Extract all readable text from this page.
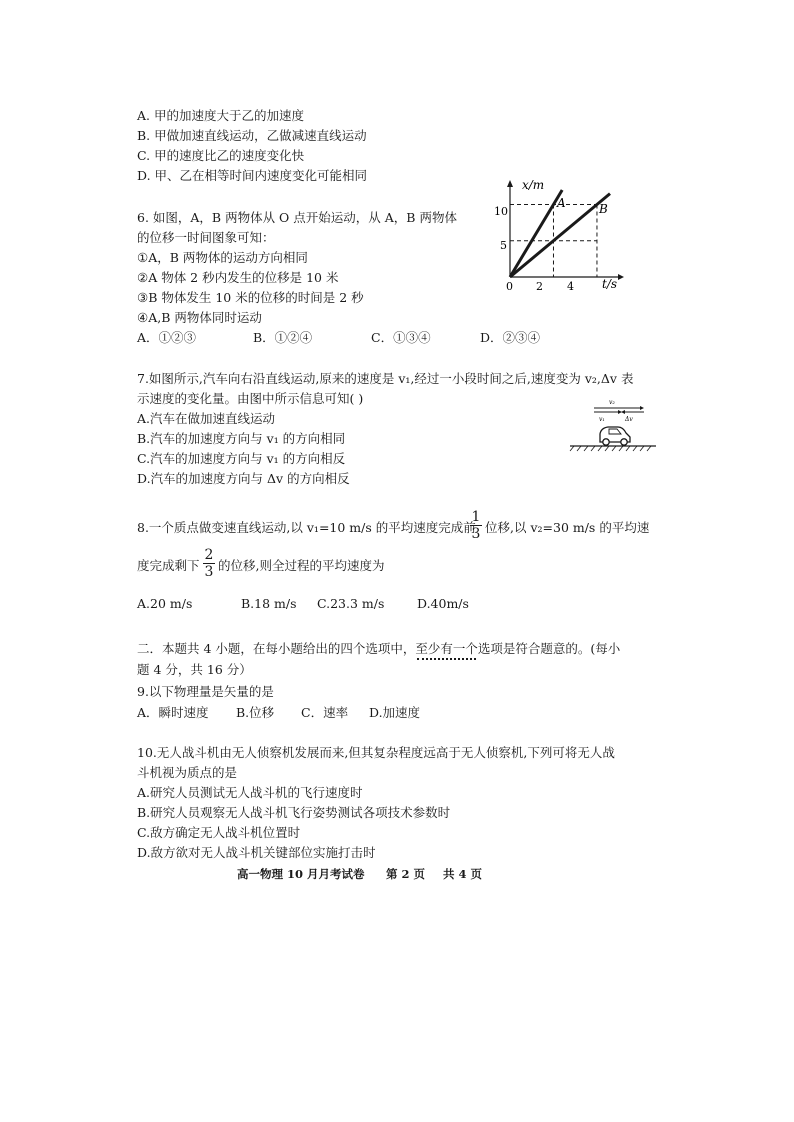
A. 甲的加速度大于乙的加速度
B. 甲做加速直线运动，乙做减速直线运动
C. 甲的速度比乙的速度变化快
D. 甲、乙在相等时间内速度变化可能相同
6. 如图，A，B 两物体从 O 点开始运动，从 A，B 两物体
的位移一时间图象可知：
①A，B 两物体的运动方向相同
②A 物体 2 秒内发生的位移是 10 米
③B 物体发生 10 米的位移的时间是 2 秒
④A,B 两物体同时运动
A．①②③	B．①②④	C．①③④	D．②③④
x/m
t/s
0 2 4
5
10
A	B
7.如图所示,汽车向右沿直线运动,原来的速度是 v₁,经过一小段时间之后,速度变为 v₂,Δv 表
示速度的变化量。由图中所示信息可知( )
A.汽车在做加速直线运动
B.汽车的加速度方向与 v₁ 的方向相同
C.汽车的加速度方向与 v₁ 的方向相反
D.汽车的加速度方向与 Δv 的方向相反
v₂
v₁	Δv
8.一个质点做变速直线运动,以 v₁=10 m/s 的平均速度完成前
1
3 位移,以 v₂=30 m/s 的平均速
度完成剩下
2
3 的位移,则全过程的平均速度为
A.20 m/s	B.18 m/s C.23.3 m/s	D.40m/s
二．本题共 4 小题，在每小题给出的四个选项中，至少有一个选项是符合题意的。(每小
题 4 分，共 16 分）
9.以下物理量是矢量的是
A．瞬时速度 B.位移 C．速率 D.加速度
10.无人战斗机由无人侦察机发展而来,但其复杂程度远高于无人侦察机,下列可将无人战
斗机视为质点的是
A.研究人员测试无人战斗机的飞行速度时
B.研究人员观察无人战斗机飞行姿势测试各项技术参数时
C.敌方确定无人战斗机位置时
D.敌方欲对无人战斗机关键部位实施打击时
高一物理 10 月月考试卷 第 2 页 共 4 页
